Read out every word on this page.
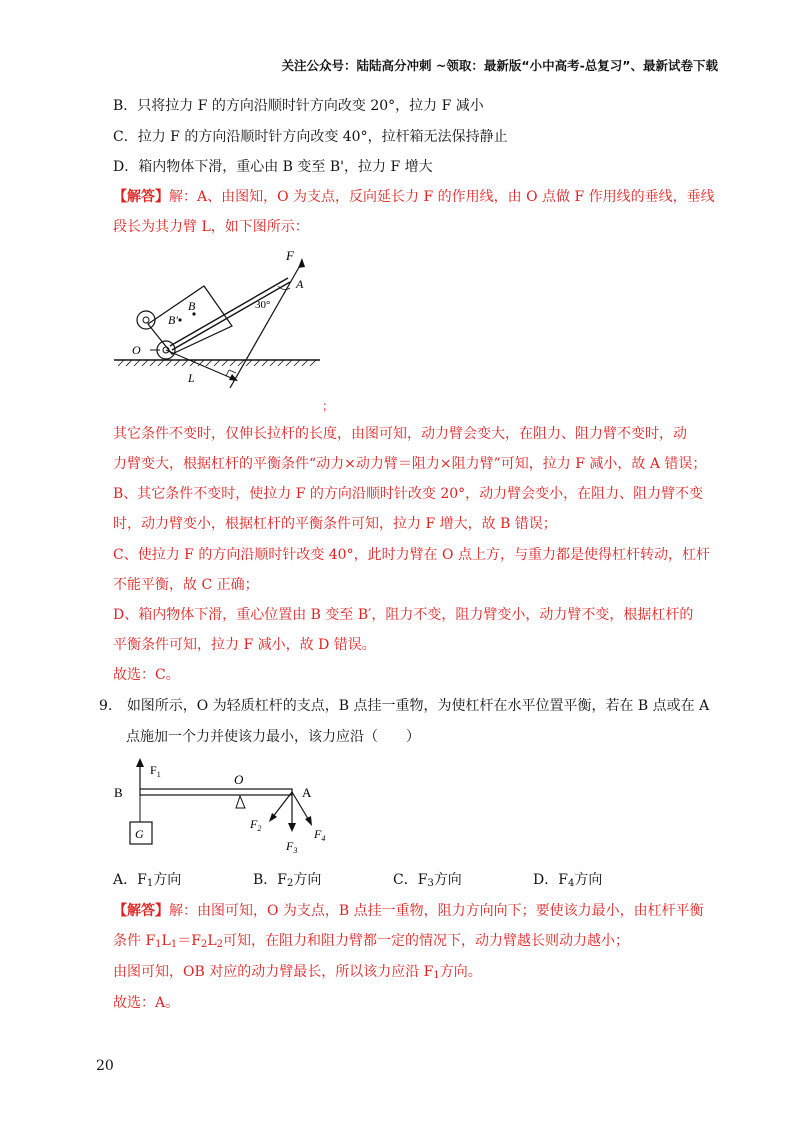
关注公众号：陆陆高分冲刺 ~领取：最新版“小中高考-总复习”、最新试卷下载
B．只将拉力 F 的方向沿顺时针方向改变 20°，拉力 F 减小
C．拉力 F 的方向沿顺时针方向改变 40°，拉杆箱无法保持静止
D．箱内物体下滑，重心由 B 变至 B'，拉力 F 增大
【解答】解：A、由图知，O 为支点，反向延长力 F 的作用线，由 O 点做 F 作用线的垂线，垂线
段长为其力臂 L，如下图所示：
F
A
30°
B
B′
O
L
；
其它条件不变时，仅伸长拉杆的长度，由图可知，动力臂会变大，在阻力、阻力臂不变时，动
力臂变大，根据杠杆的平衡条件“动力×动力臂＝阻力×阻力臂”可知，拉力 F 减小，故 A 错误；
B、其它条件不变时，使拉力 F 的方向沿顺时针改变 20°，动力臂会变小，在阻力、阻力臂不变
时，动力臂变小，根据杠杆的平衡条件可知，拉力 F 增大，故 B 错误；
C、使拉力 F 的方向沿顺时针改变 40°，此时力臂在 O 点上方，与重力都是使得杠杆转动，杠杆
不能平衡，故 C 正确；
D、箱内物体下滑，重心位置由 B 变至 B′，阻力不变，阻力臂变小，动力臂不变，根据杠杆的
平衡条件可知，拉力 F 减小，故 D 错误。
故选：C。
9. 如图所示，O 为轻质杠杆的支点，B 点挂一重物，为使杠杆在水平位置平衡，若在 B 点或在 A
点施加一个力并使该力最小，该力应沿（　　）
$F_1$
B
O
A
G
$F_2$
$F_3$
$F_4$
A．$F_1$方向	B．$F_2$方向	C．$F_3$方向	D．$F_4$方向
【解答】解：由图可知，O 为支点，B 点挂一重物，阻力方向向下；要使该力最小，由杠杆平衡
条件 $F_1L_1=F_2L_2$可知，在阻力和阻力臂都一定的情况下，动力臂越长则动力越小；
由图可知，OB 对应的动力臂最长，所以该力应沿 $F_1$方向。
故选：A。
20
